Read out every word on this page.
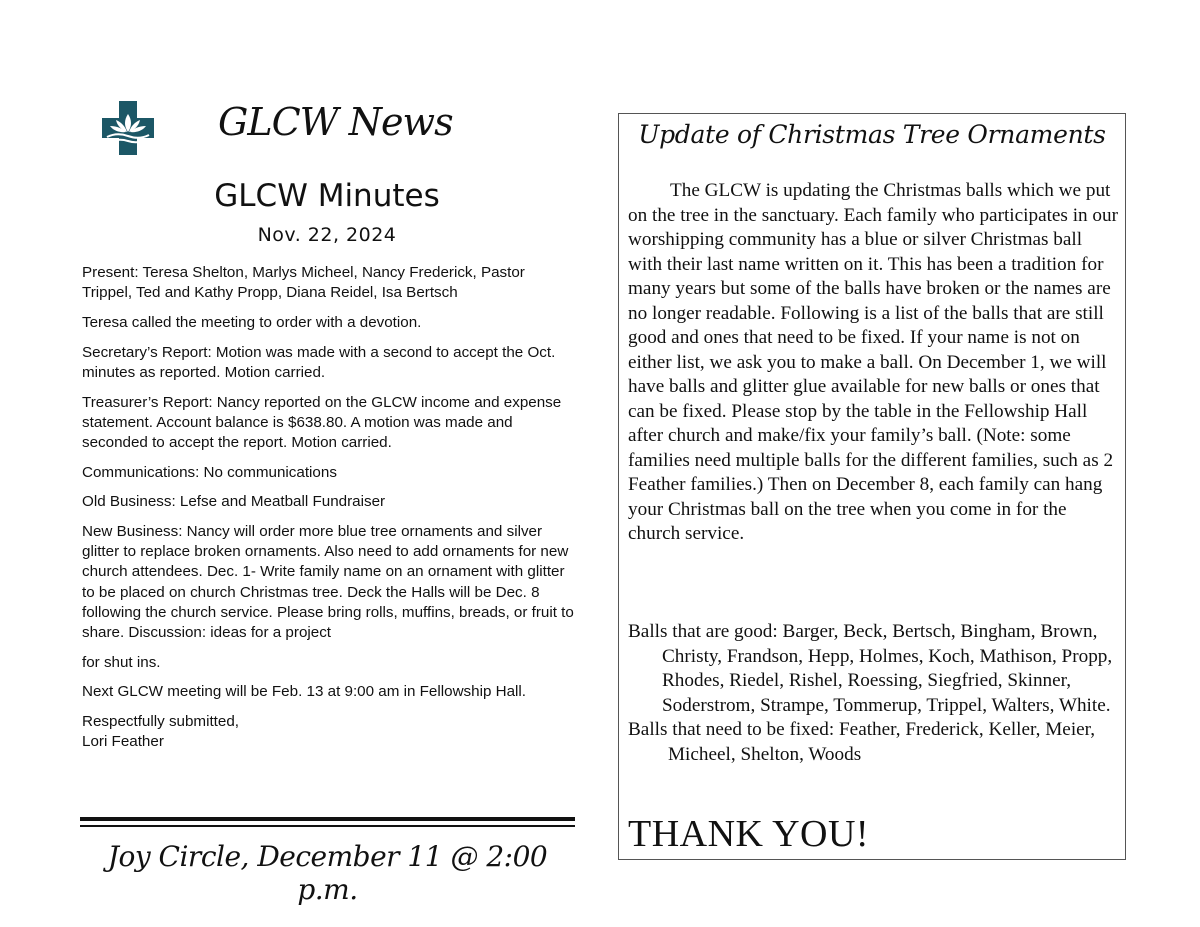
GLCW News
GLCW Minutes
Nov. 22, 2024

Present: Teresa Shelton, Marlys Micheel, Nancy Frederick, Pastor Trippel, Ted and Kathy Propp, Diana Reidel, Isa Bertsch

Teresa called the meeting to order with a devotion.

Secretary’s Report: Motion was made with a second to accept the Oct. minutes as reported. Motion carried.

Treasurer’s Report: Nancy reported on the GLCW income and expense statement. Account balance is $638.80. A motion was made and seconded to accept the report. Motion carried.

Communications: No communications

Old Business: Lefse and Meatball Fundraiser

New Business: Nancy will order more blue tree ornaments and silver glitter to replace broken ornaments. Also need to add ornaments for new church attendees. Dec. 1- Write family name on an ornament with glitter to be placed on church Christmas tree. Deck the Halls will be Dec. 8 following the church service. Please bring rolls, muffins, breads, or fruit to share. Discussion: ideas for a project

for shut ins.

Next GLCW meeting will be Feb. 13 at 9:00 am in Fellowship Hall.

Respectfully submitted,

Lori Feather

Joy Circle, December 11 @ 2:00 p.m.
Update of Christmas Tree Ornaments

The GLCW is updating the Christmas balls which we put on the tree in the sanctuary. Each family who participates in our worshipping community has a blue or silver Christmas ball with their last name written on it. This has been a tradition for many years but some of the balls have broken or the names are no longer readable. Following is a list of the balls that are still good and ones that need to be fixed. If your name is not on either list, we ask you to make a ball. On December 1, we will have balls and glitter glue available for new balls or ones that can be fixed. Please stop by the table in the Fellowship Hall after church and make/fix your family’s ball. (Note: some families need multiple balls for the different families, such as 2 Feather families.) Then on December 8, each family can hang your Christmas ball on the tree when you come in for the church service.

Balls that are good: Barger, Beck, Bertsch, Bingham, Brown, Christy, Frandson, Hepp, Holmes, Koch, Mathison, Propp, Rhodes, Riedel, Rishel, Roessing, Siegfried, Skinner, Soderstrom, Strampe, Tommerup, Trippel, Walters, White.

Balls that need to be fixed: Feather, Frederick, Keller, Meier, Micheel, Shelton, Woods

THANK YOU!
